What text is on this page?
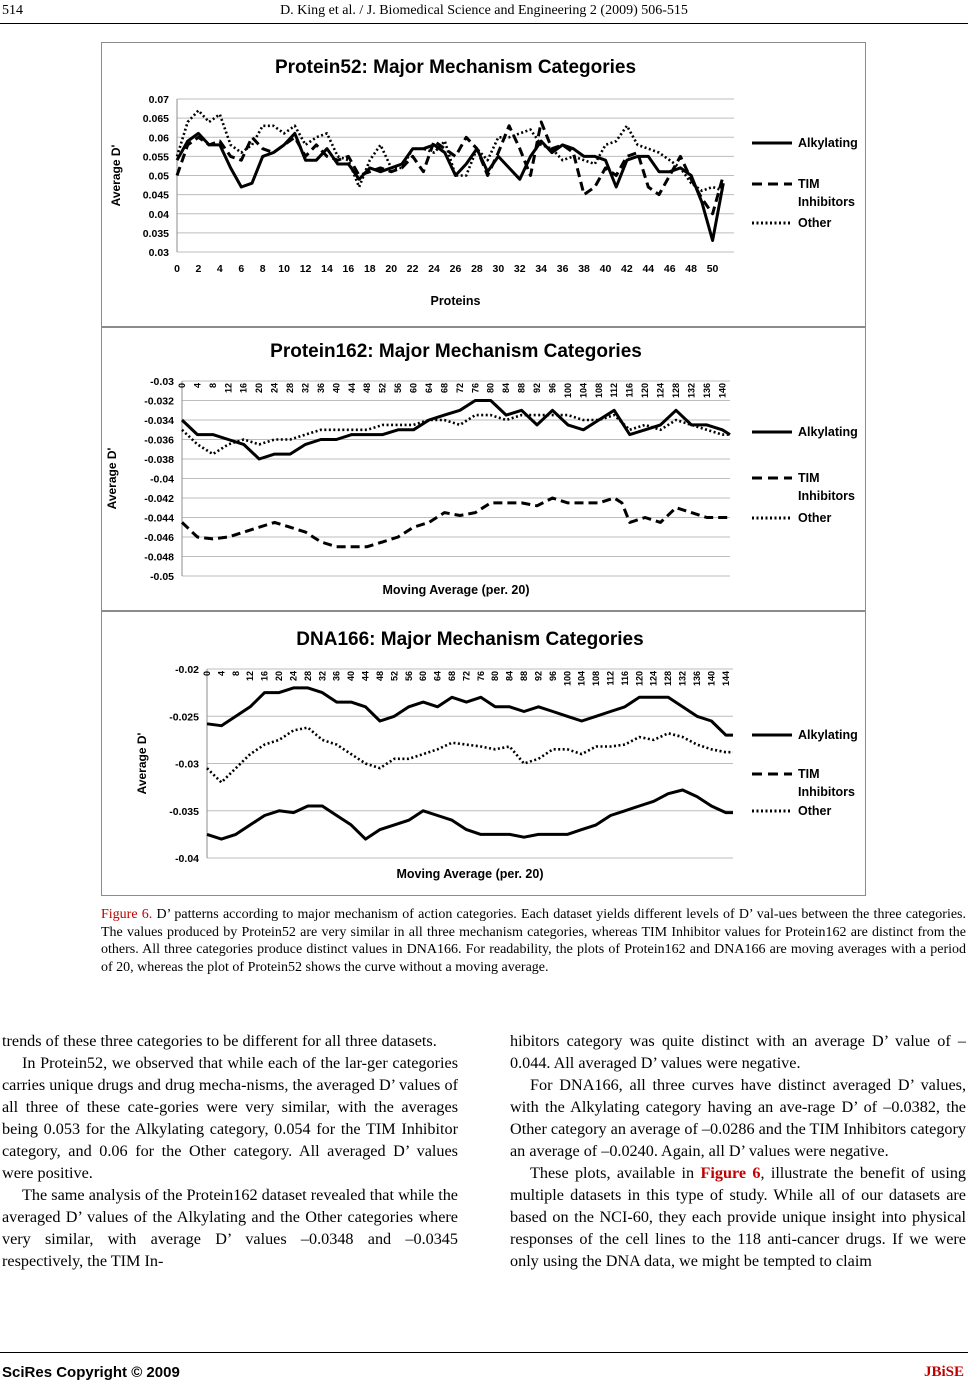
514	D. King et al. / J. Biomedical Science and Engineering 2 (2009) 506-515
Protein52: Major Mechanism Categories
0.07
0.065
0.06
0.055
0.05
0.045
0.04
0.035
0.03
Average D'
0 2 4 6 8 10 12 14 16 18 20 22 24 26 28 30 32 34 36 38 40 42 44 46 48 50
Proteins
Alkylating
TIM
Inhibitors
Other
Protein162: Major Mechanism Categories
-0.03
-0.032
-0.034
-0.036
-0.038
-0.04
-0.042
-0.044
-0.046
-0.048
-0.05
Average D'
0 4 8 12 16 20 24 28 32 36 40 44 48 52 56 60 64 68 72 76 80 84 88 92 96 100 104 108 112 116 120 124 128 132 136 140
Moving Average (per. 20)
Alkylating
TIM
Inhibitors
Other
DNA166: Major Mechanism Categories
-0.02
-0.025
-0.03
-0.035
-0.04
Average D'
0 4 8 12 16 20 24 28 32 36 40 44 48 52 56 60 64 68 72 76 80 84 88 92 96 100 104 108 112 116 120 124 128 132 136 140 144
Moving Average (per. 20)
Alkylating
TIM
Inhibitors
Other
Figure 6. D’ patterns according to major mechanism of action categories. Each dataset yields different levels of D’ val-ues between the three categories. The values produced by Protein52 are very similar in all three mechanism categories, whereas TIM Inhibitor values for Protein162 are distinct from the others. All three categories produce distinct values in DNA166. For readability, the plots of Protein162 and DNA166 are moving averages with a period of 20, whereas the plot of Protein52 shows the curve without a moving average.

trends of these three categories to be different for all three datasets.

In Protein52, we observed that while each of the lar-ger categories carries unique drugs and drug mecha-nisms, the averaged D’ values of all three of these cate-gories were very similar, with the averages being 0.053 for the Alkylating category, 0.054 for the TIM Inhibitor category, and 0.06 for the Other category. All averaged D’ values were positive.

The same analysis of the Protein162 dataset revealed that while the averaged D’ values of the Alkylating and the Other categories where very similar, with average D’ values –0.0348 and –0.0345 respectively, the TIM In-

hibitors category was quite distinct with an average D’ value of –0.044. All averaged D’ values were negative.

For DNA166, all three curves have distinct averaged D’ values, with the Alkylating category having an ave-rage D’ of –0.0382, the Other category an average of –0.0286 and the TIM Inhibitors category an average of –0.0240. Again, all D’ values were negative.

These plots, available in Figure 6, illustrate the benefit of using multiple datasets in this type of study. While all of our datasets are based on the NCI-60, they each provide unique insight into physical responses of the cell lines to the 118 anti-cancer drugs. If we were only using the DNA data, we might be tempted to claim

SciRes Copyright © 2009	JBiSE
